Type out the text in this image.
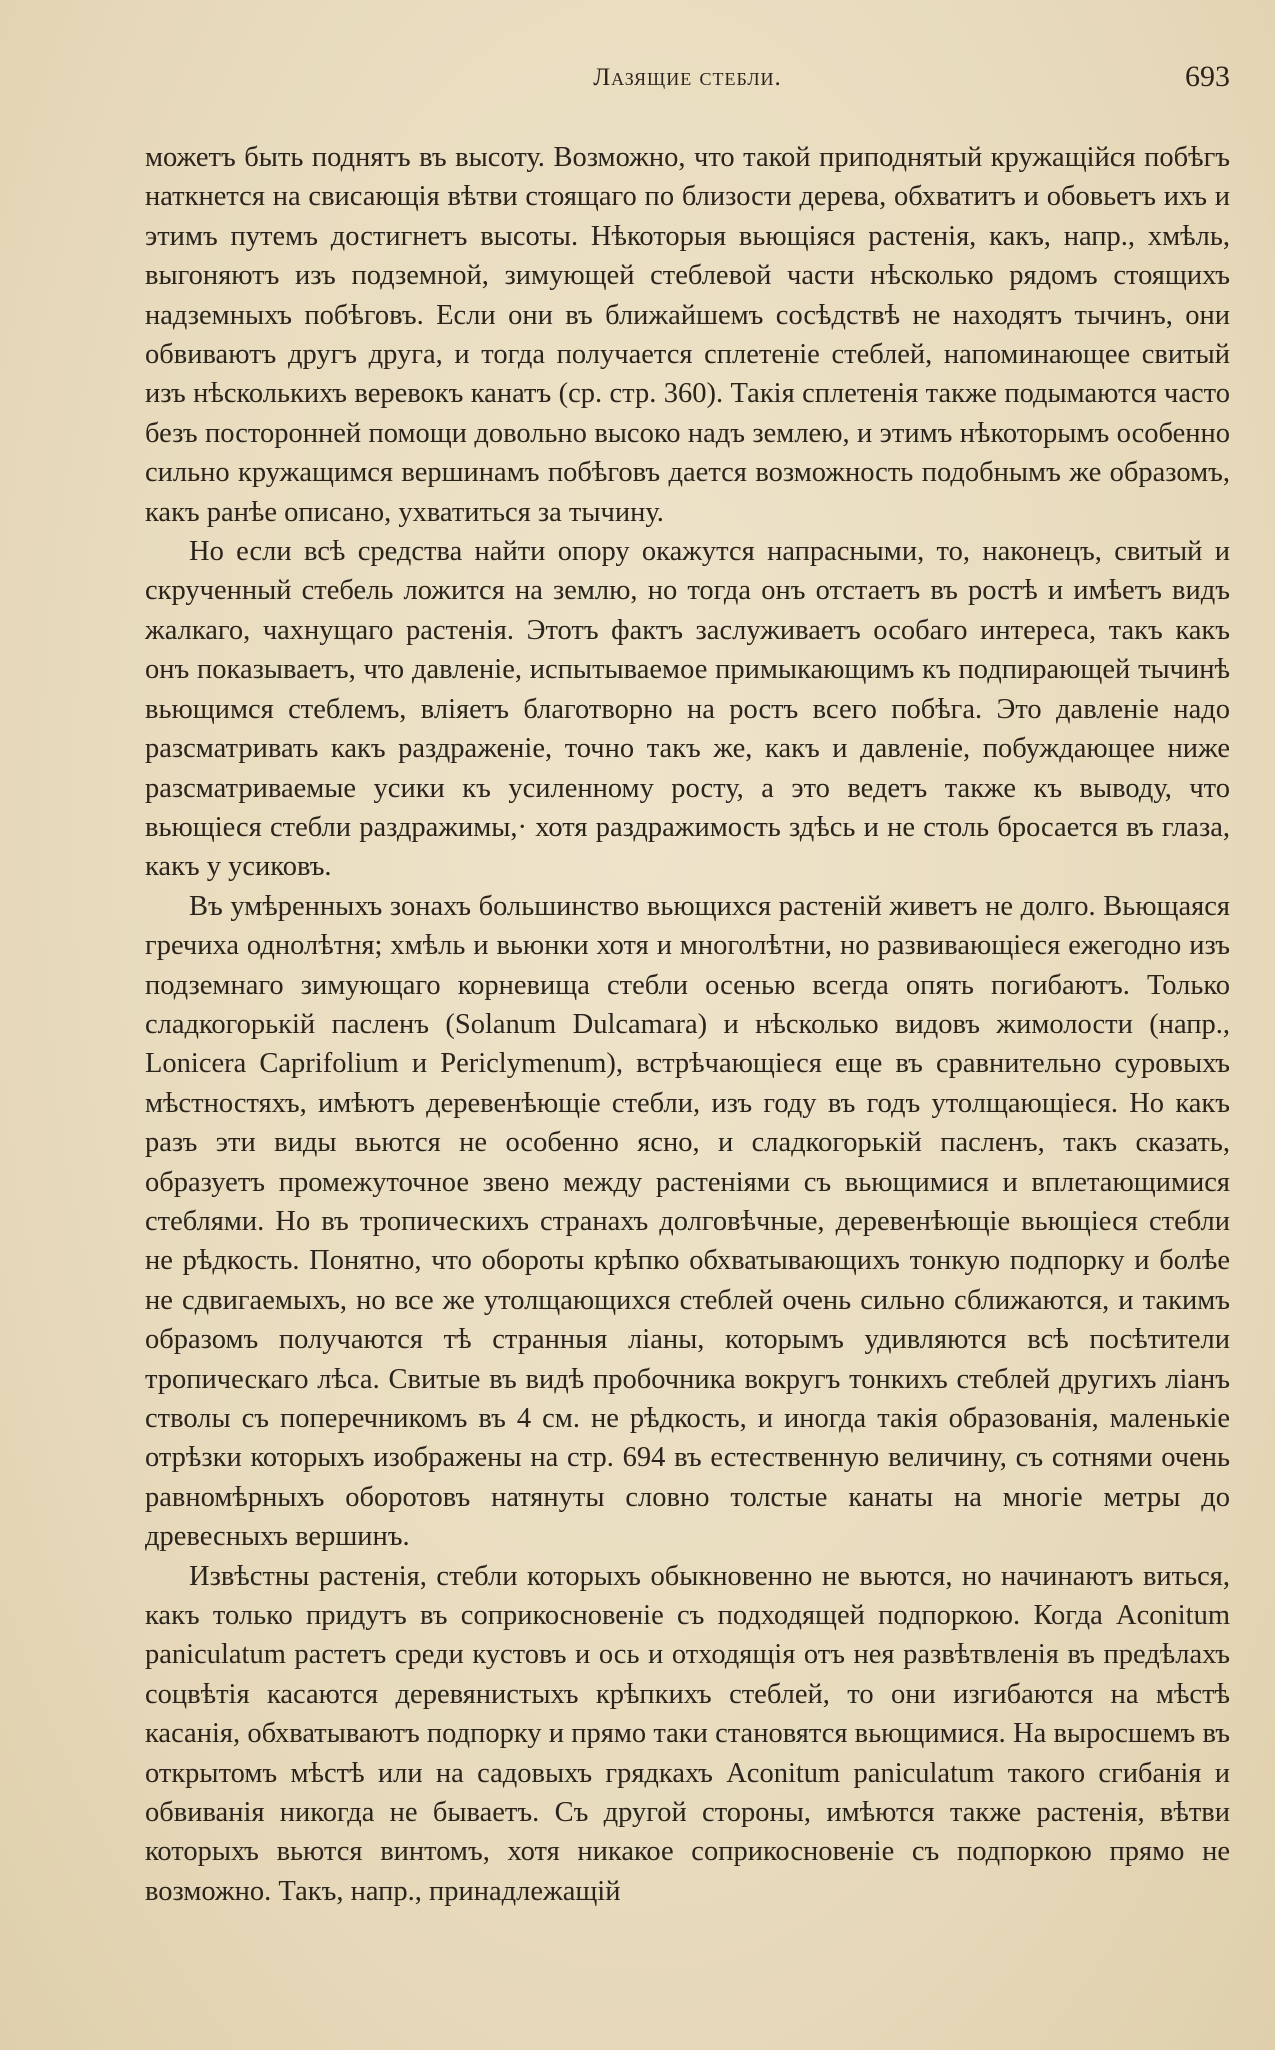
Лазящие стебли.	693

можетъ быть поднятъ въ высоту. Возможно, что такой приподнятый кружащійся побѣгъ наткнется на свисающія вѣтви стоящаго по близости дерева, обхватитъ и обовьетъ ихъ и этимъ путемъ достигнетъ высоты. Нѣкоторыя вьющіяся растенія, какъ, напр., хмѣль, выгоняютъ изъ подземной, зимующей стеблевой части нѣсколько рядомъ стоящихъ надземныхъ побѣговъ. Если они въ ближайшемъ сосѣдствѣ не находятъ тычинъ, они обвиваютъ другъ друга, и тогда получается сплетеніе стеблей, напоминающее свитый изъ нѣсколькихъ веревокъ канатъ (ср. стр. 360). Такія сплетенія также подымаются часто безъ посторонней помощи довольно высоко надъ землею, и этимъ нѣкоторымъ особенно сильно кружащимся вершинамъ побѣговъ дается возможность подобнымъ же образомъ, какъ ранѣе описано, ухватиться за тычину.

Но если всѣ средства найти опору окажутся напрасными, то, наконецъ, свитый и скрученный стебель ложится на землю, но тогда онъ отстаетъ въ ростѣ и имѣетъ видъ жалкаго, чахнущаго растенія. Этотъ фактъ заслуживаетъ особаго интереса, такъ какъ онъ показываетъ, что давленіе, испытываемое примыкающимъ къ подпирающей тычинѣ вьющимся стеблемъ, вліяетъ благотворно на ростъ всего побѣга. Это давленіе надо разсматривать какъ раздраженіе, точно такъ же, какъ и давленіе, побуждающее ниже разсматриваемые усики къ усиленному росту, а это ведетъ также къ выводу, что вьющіеся стебли раздражимы,· хотя раздражимость здѣсь и не столь бросается въ глаза, какъ у усиковъ.

Въ умѣренныхъ зонахъ большинство вьющихся растеній живетъ не долго. Вьющаяся гречиха однолѣтня; хмѣль и вьюнки хотя и многолѣтни, но развивающіеся ежегодно изъ подземнаго зимующаго корневища стебли осенью всегда опять погибаютъ. Только сладкогорькій пасленъ (Solanum Dulcamara) и нѣсколько видовъ жимолости (напр., Lonicera Caprifolium и Periclymenum), встрѣчающіеся еще въ сравнительно суровыхъ мѣстностяхъ, имѣютъ деревенѣющіе стебли, изъ году въ годъ утолщающіеся. Но какъ разъ эти виды вьются не особенно ясно, и сладкогорькій пасленъ, такъ сказать, образуетъ промежуточное звено между растеніями съ вьющимися и вплетающимися стеблями. Но въ тропическихъ странахъ долговѣчные, деревенѣющіе вьющіеся стебли не рѣдкость. Понятно, что обороты крѣпко обхватывающихъ тонкую подпорку и болѣе не сдвигаемыхъ, но все же утолщающихся стеблей очень сильно сближаются, и такимъ образомъ получаются тѣ странныя ліаны, которымъ удивляются всѣ посѣтители тропическаго лѣса. Свитые въ видѣ пробочника вокругъ тонкихъ стеблей другихъ ліанъ стволы съ поперечникомъ въ 4 см. не рѣдкость, и иногда такія образованія, маленькіе отрѣзки которыхъ изображены на стр. 694 въ естественную величину, съ сотнями очень равномѣрныхъ оборотовъ натянуты словно толстые канаты на многіе метры до древесныхъ вершинъ.

Извѣстны растенія, стебли которыхъ обыкновенно не вьются, но начинаютъ виться, какъ только придутъ въ соприкосновеніе съ подходящей подпоркою. Когда Aconitum paniculatum растетъ среди кустовъ и ось и отходящія отъ нея развѣтвленія въ предѣлахъ соцвѣтія касаются деревянистыхъ крѣпкихъ стеблей, то они изгибаются на мѣстѣ касанія, обхватываютъ подпорку и прямо таки становятся вьющимися. На выросшемъ въ открытомъ мѣстѣ или на садовыхъ грядкахъ Aconitum paniculatum такого сгибанія и обвиванія никогда не бываетъ. Съ другой стороны, имѣются также растенія, вѣтви которыхъ вьются винтомъ, хотя никакое соприкосновеніе съ подпоркою прямо не возможно. Такъ, напр., принадлежащій
